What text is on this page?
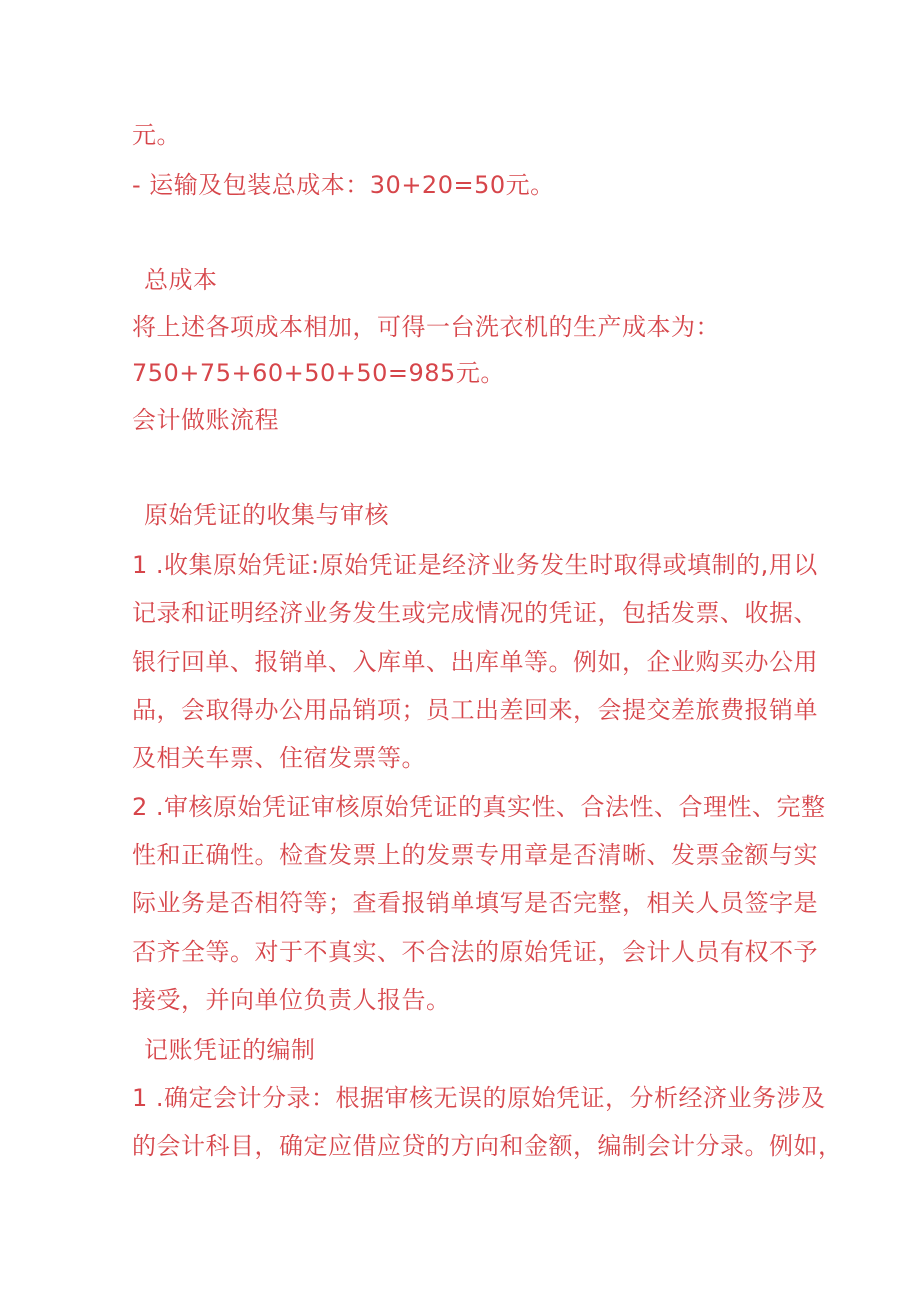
元。
- 运输及包装总成本：30+20=50元。
总成本
将上述各项成本相加，可得一台洗衣机的生产成本为：
750+75+60+50+50=985元。
会计做账流程
原始凭证的收集与审核
1 .收集原始凭证:原始凭证是经济业务发生时取得或填制的,用以
记录和证明经济业务发生或完成情况的凭证，包括发票、收据、
银行回单、报销单、入库单、出库单等。例如，企业购买办公用
品，会取得办公用品销项；员工出差回来，会提交差旅费报销单
及相关车票、住宿发票等。
2 .审核原始凭证审核原始凭证的真实性、合法性、合理性、完整
性和正确性。检查发票上的发票专用章是否清晰、发票金额与实
际业务是否相符等；查看报销单填写是否完整，相关人员签字是
否齐全等。对于不真实、不合法的原始凭证，会计人员有权不予
接受，并向单位负责人报告。
记账凭证的编制
1 .确定会计分录：根据审核无误的原始凭证，分析经济业务涉及
的会计科目，确定应借应贷的方向和金额，编制会计分录。例如，
